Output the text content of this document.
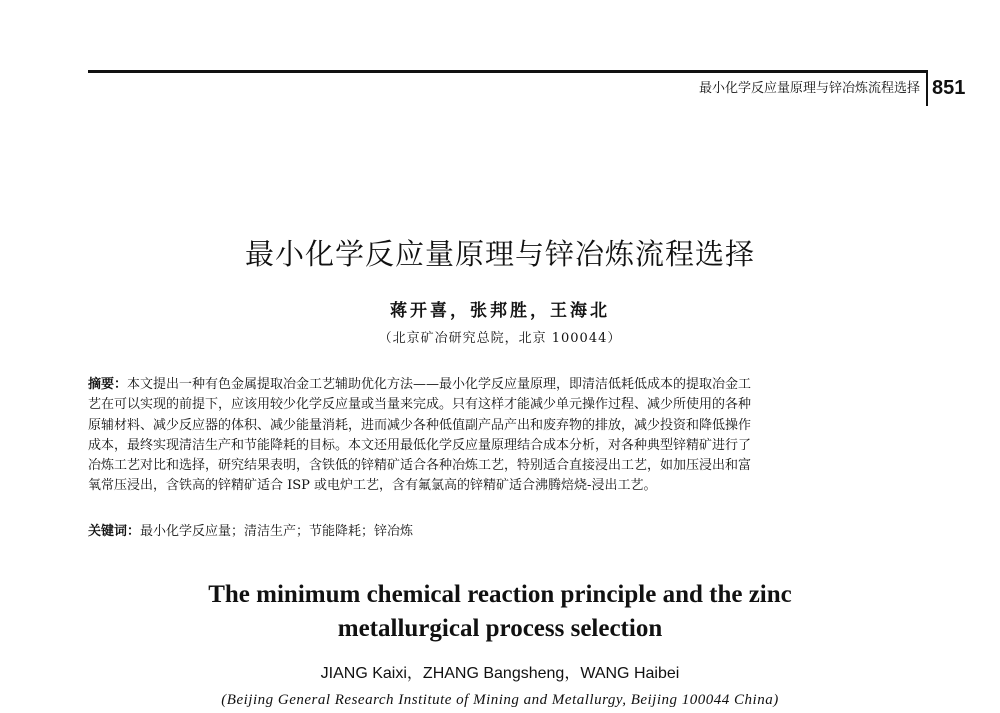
最小化学反应量原理与锌冶炼流程选择 851
最小化学反应量原理与锌冶炼流程选择
蒋开喜，张邦胜，王海北
（北京矿冶研究总院，北京 100044）
摘要：本文提出一种有色金属提取冶金工艺辅助优化方法——最小化学反应量原理，即清洁低耗低成本的提取冶金工
艺在可以实现的前提下，应该用较少化学反应量或当量来完成。只有这样才能减少单元操作过程、减少所使用的各种
原辅材料、减少反应器的体积、减少能量消耗，进而减少各种低值副产品产出和废弃物的排放，减少投资和降低操作
成本，最终实现清洁生产和节能降耗的目标。本文还用最低化学反应量原理结合成本分析，对各种典型锌精矿进行了
冶炼工艺对比和选择，研究结果表明，含铁低的锌精矿适合各种冶炼工艺，特别适合直接浸出工艺，如加压浸出和富
氧常压浸出，含铁高的锌精矿适合 ISP 或电炉工艺，含有氟氯高的锌精矿适合沸腾焙烧-浸出工艺。
关键词：最小化学反应量；清洁生产；节能降耗；锌冶炼
The minimum chemical reaction principle and the zinc
metallurgical process selection
JIANG Kaixi，ZHANG Bangsheng，WANG Haibei
(Beijing General Research Institute of Mining and Metallurgy, Beijing 100044 China)
